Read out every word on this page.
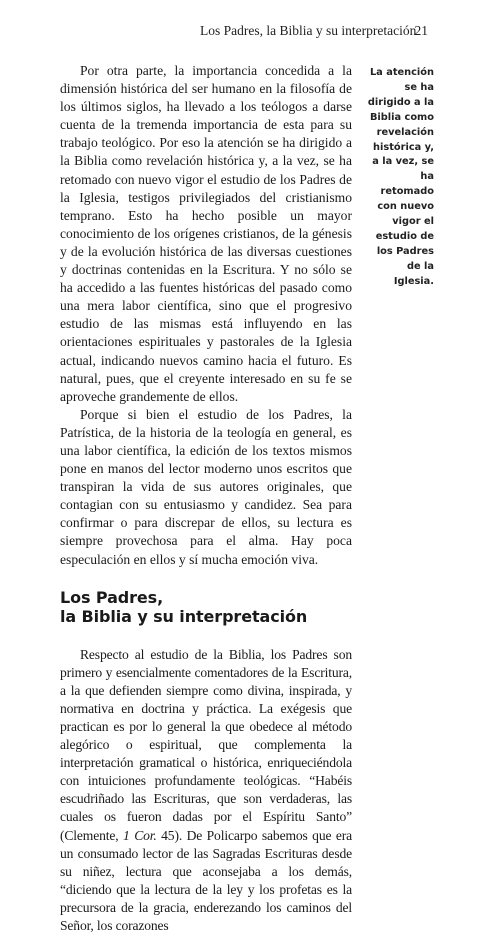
Los Padres, la Biblia y su interpretación
21

Por otra parte, la importancia concedida a la dimensión histórica del ser humano en la filosofía de los últimos siglos, ha llevado a los teólogos a darse cuenta de la tremenda importancia de esta para su trabajo teológico. Por eso la atención se ha dirigido a la Biblia como revelación histórica y, a la vez, se ha retomado con nuevo vigor el estudio de los Padres de la Iglesia, testigos privilegiados del cristianismo temprano. Esto ha hecho posible un mayor conocimiento de los orígenes cristianos, de la génesis y de la evolución histórica de las diversas cuestiones y doctrinas contenidas en la Escritura. Y no sólo se ha accedido a las fuentes históricas del pasado como una mera labor científica, sino que el progresivo estudio de las mismas está influyendo en las orientaciones espirituales y pastorales de la Iglesia actual, indicando nuevos camino hacia el futuro. Es natural, pues, que el creyente interesado en su fe se aproveche grandemente de ellos.

Porque si bien el estudio de los Padres, la Patrística, de la historia de la teología en general, es una labor científica, la edición de los textos mismos pone en manos del lector moderno unos escritos que transpiran la vida de sus autores originales, que contagian con su entusiasmo y candidez. Sea para confirmar o para discrepar de ellos, su lectura es siempre provechosa para el alma. Hay poca especulación en ellos y sí mucha emoción viva.

Los Padres,
la Biblia y su interpretación

Respecto al estudio de la Biblia, los Padres son primero y esencialmente comentadores de la Escritura, a la que defienden siempre como divina, inspirada, y normativa en doctrina y práctica. La exégesis que practican es por lo general la que obedece al método alegórico o espiritual, que complementa la interpretación gramatical o histórica, enriqueciéndola con intuiciones profundamente teológicas. “Habéis escudriñado las Escrituras, que son verdaderas, las cuales os fueron dadas por el Espíritu Santo” (Clemente, 1 Cor. 45). De Policarpo sabemos que era un consumado lector de las Sagradas Escrituras desde su niñez, lectura que aconsejaba a los demás, “diciendo que la lectura de la ley y los profetas es la precursora de la gracia, enderezando los caminos del Señor, los corazones

La atención se ha dirigido a la Biblia como revelación histórica y, a la vez, se ha retomado con nuevo vigor el estudio de los Padres de la Iglesia.
